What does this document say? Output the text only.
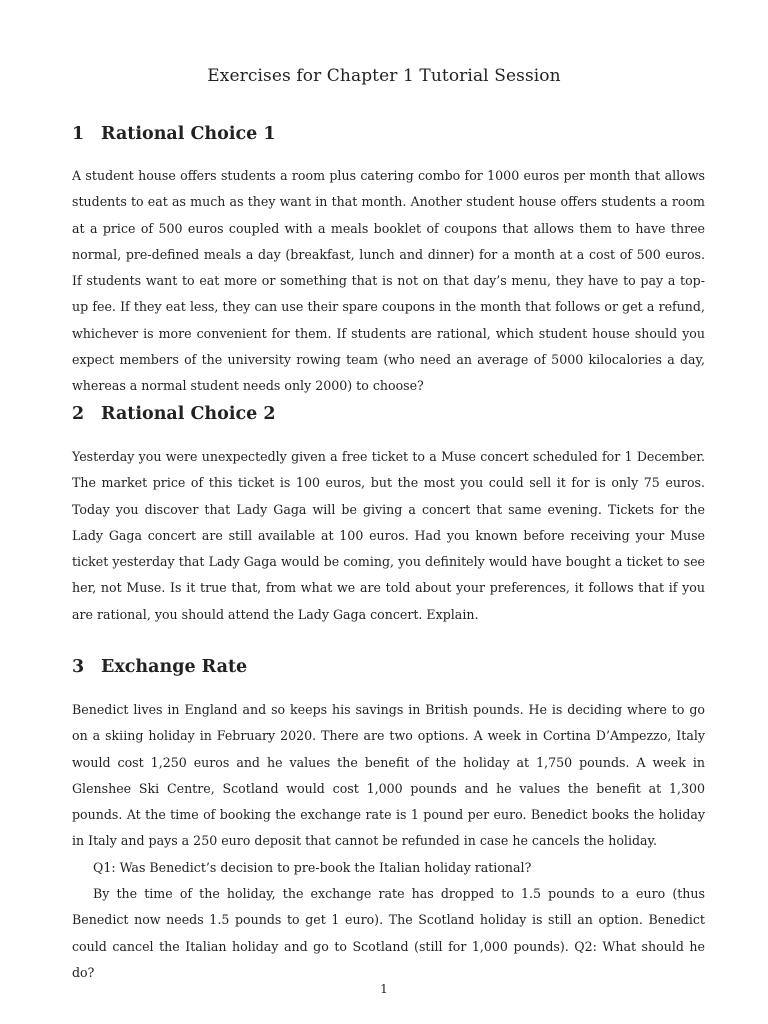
Exercises for Chapter 1 Tutorial Session
1 Rational Choice 1

A student house offers students a room plus catering combo for 1000 euros per month that allows students to eat as much as they want in that month. Another student house offers students a room at a price of 500 euros coupled with a meals booklet of coupons that allows them to have three normal, pre-defined meals a day (breakfast, lunch and dinner) for a month at a cost of 500 euros. If students want to eat more or something that is not on that day’s menu, they have to pay a top-up fee. If they eat less, they can use their spare coupons in the month that follows or get a refund, whichever is more convenient for them. If students are rational, which student house should you expect members of the university rowing team (who need an average of 5000 kilocalories a day, whereas a normal student needs only 2000) to choose?

2 Rational Choice 2

Yesterday you were unexpectedly given a free ticket to a Muse concert scheduled for 1 December. The market price of this ticket is 100 euros, but the most you could sell it for is only 75 euros. Today you discover that Lady Gaga will be giving a concert that same evening. Tickets for the Lady Gaga concert are still available at 100 euros. Had you known before receiving your Muse ticket yesterday that Lady Gaga would be coming, you definitely would have bought a ticket to see her, not Muse. Is it true that, from what we are told about your preferences, it follows that if you are rational, you should attend the Lady Gaga concert. Explain.

3 Exchange Rate

Benedict lives in England and so keeps his savings in British pounds. He is deciding where to go on a skiing holiday in February 2020. There are two options. A week in Cortina D’Ampezzo, Italy would cost 1,250 euros and he values the benefit of the holiday at 1,750 pounds. A week in Glenshee Ski Centre, Scotland would cost 1,000 pounds and he values the benefit at 1,300 pounds. At the time of booking the exchange rate is 1 pound per euro. Benedict books the holiday in Italy and pays a 250 euro deposit that cannot be refunded in case he cancels the holiday.

Q1: Was Benedict’s decision to pre-book the Italian holiday rational?

By the time of the holiday, the exchange rate has dropped to 1.5 pounds to a euro (thus Benedict now needs 1.5 pounds to get 1 euro). The Scotland holiday is still an option. Benedict could cancel the Italian holiday and go to Scotland (still for 1,000 pounds). Q2: What should he do?

1
